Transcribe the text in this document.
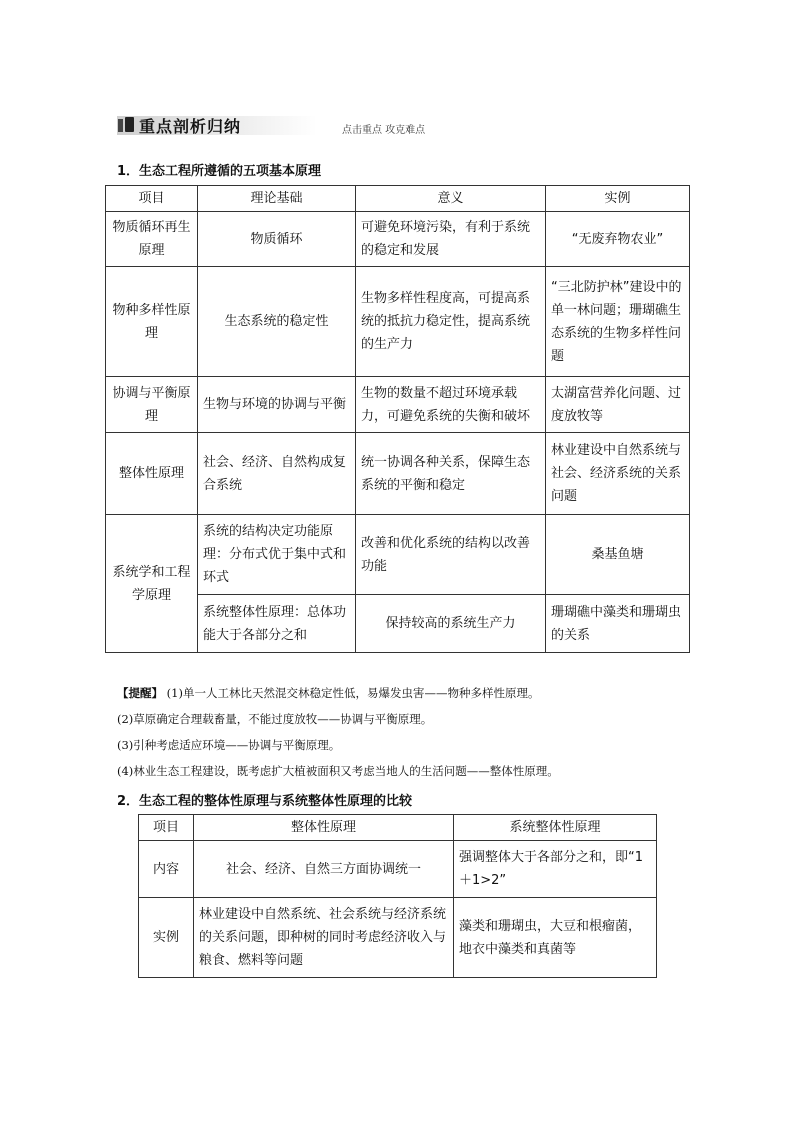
重点剖析归纳	点击重点 攻克难点
1．生态工程所遵循的五项基本原理
项目	理论基础	意义	实例
物质循环再生原理	物质循环	可避免环境污染，有利于系统的稳定和发展	“无废弃物农业”
物种多样性原理	生态系统的稳定性	生物多样性程度高，可提高系统的抵抗力稳定性，提高系统的生产力	“三北防护林”建设中的单一林问题；珊瑚礁生态系统的生物多样性问题
协调与平衡原理	生物与环境的协调与平衡	生物的数量不超过环境承载力，可避免系统的失衡和破坏	太湖富营养化问题、过度放牧等
整体性原理	社会、经济、自然构成复合系统	统一协调各种关系，保障生态系统的平衡和稳定	林业建设中自然系统与社会、经济系统的关系问题
系统学和工程学原理	系统的结构决定功能原理：分布式优于集中式和环式	改善和优化系统的结构以改善功能	桑基鱼塘
	系统整体性原理：总体功能大于各部分之和	保持较高的系统生产力	珊瑚礁中藻类和珊瑚虫的关系
【提醒】 (1)单一人工林比天然混交林稳定性低，易爆发虫害——物种多样性原理。
(2)草原确定合理载畜量，不能过度放牧——协调与平衡原理。
(3)引种考虑适应环境——协调与平衡原理。
(4)林业生态工程建设，既考虑扩大植被面积又考虑当地人的生活问题——整体性原理。
2．生态工程的整体性原理与系统整体性原理的比较
项目	整体性原理	系统整体性原理
内容	社会、经济、自然三方面协调统一	强调整体大于各部分之和，即“1＋1>2”
实例	林业建设中自然系统、社会系统与经济系统的关系问题，即种树的同时考虑经济收入与粮食、燃料等问题	藻类和珊瑚虫，大豆和根瘤菌，地衣中藻类和真菌等
